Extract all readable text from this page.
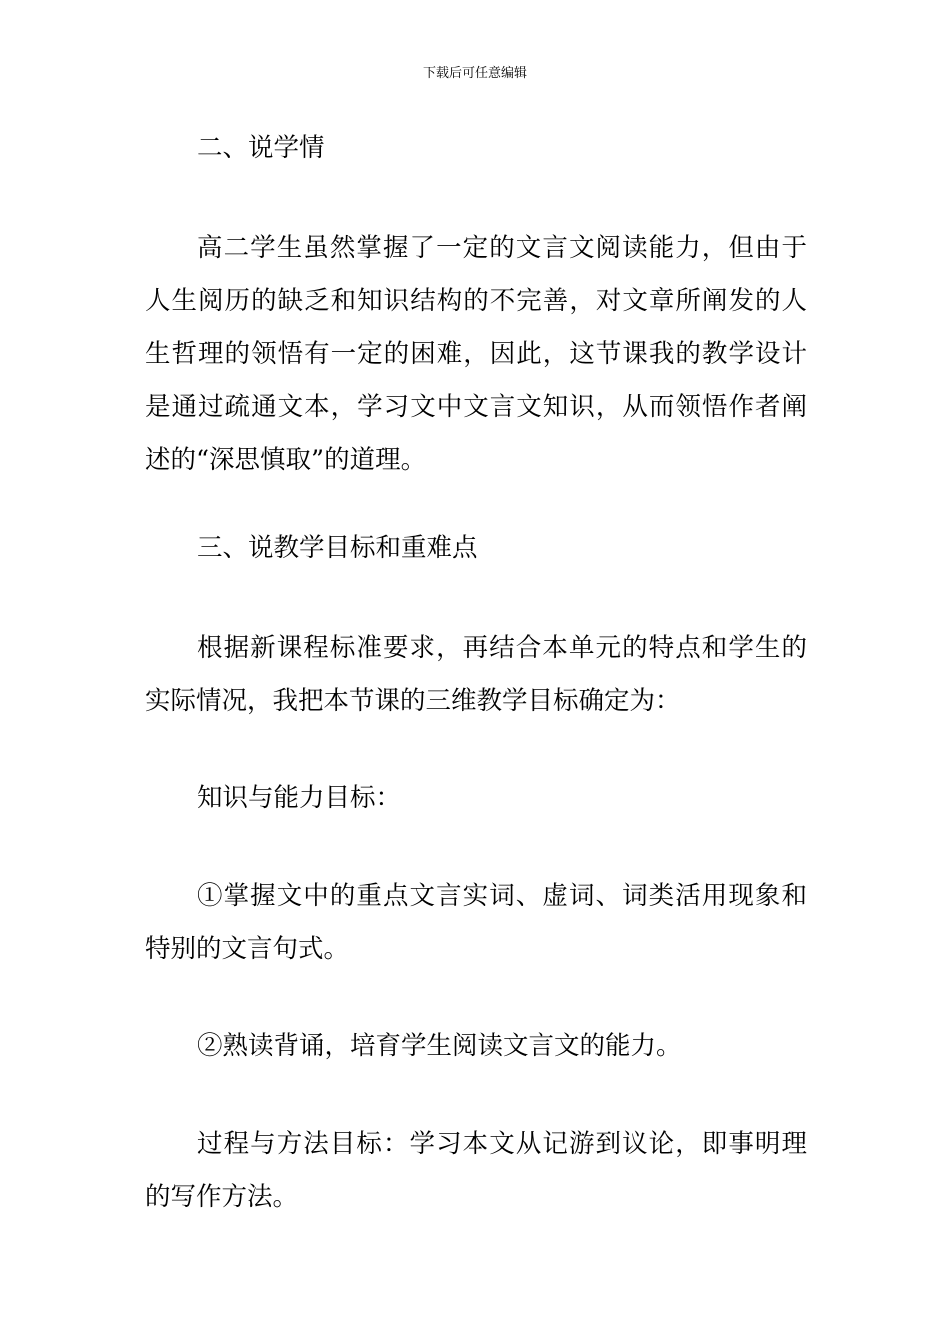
下载后可任意编辑
二、说学情
高二学生虽然掌握了一定的文言文阅读能力，但由于人生阅历的缺乏和知识结构的不完善，对文章所阐发的人生哲理的领悟有一定的困难，因此，这节课我的教学设计是通过疏通文本，学习文中文言文知识，从而领悟作者阐述的“深思慎取”的道理。
三、说教学目标和重难点
根据新课程标准要求，再结合本单元的特点和学生的实际情况，我把本节课的三维教学目标确定为：
知识与能力目标：
①掌握文中的重点文言实词、虚词、词类活用现象和特别的文言句式。
②熟读背诵，培育学生阅读文言文的能力。
过程与方法目标：学习本文从记游到议论，即事明理的写作方法。
